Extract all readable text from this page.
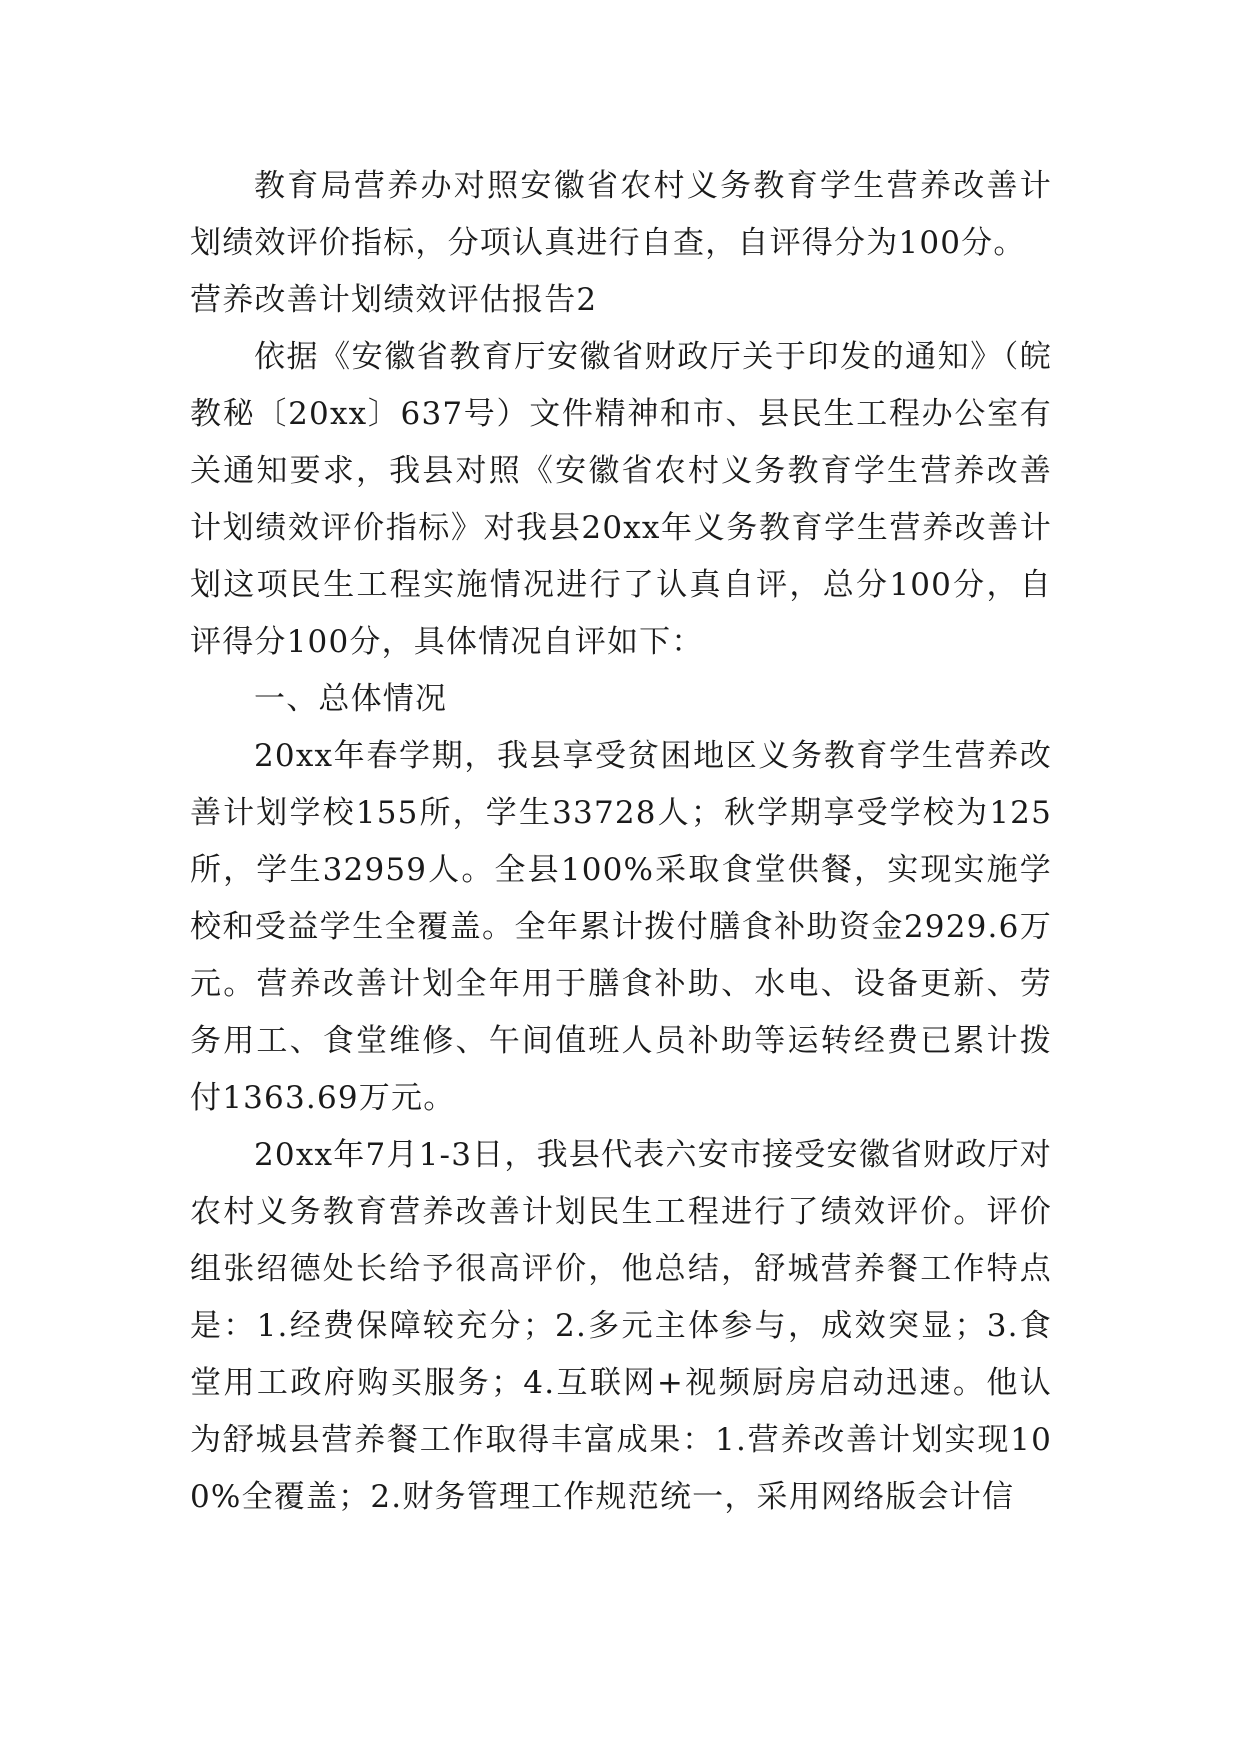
教育局营养办对照安徽省农村义务教育学生营养改善计划绩效评价指标，分项认真进行自查，自评得分为100分。

营养改善计划绩效评估报告2

依据《安徽省教育厅安徽省财政厅关于印发的通知》（皖教秘〔20xx〕637号）文件精神和市、县民生工程办公室有关通知要求，我县对照《安徽省农村义务教育学生营养改善计划绩效评价指标》对我县20xx年义务教育学生营养改善计划这项民生工程实施情况进行了认真自评，总分100分，自评得分100分，具体情况自评如下：

一、总体情况

20xx年春学期，我县享受贫困地区义务教育学生营养改善计划学校155所，学生33728人；秋学期享受学校为125所，学生32959人。全县100%采取食堂供餐，实现实施学校和受益学生全覆盖。全年累计拨付膳食补助资金2929.6万元。营养改善计划全年用于膳食补助、水电、设备更新、劳务用工、食堂维修、午间值班人员补助等运转经费已累计拨付1363.69万元。

20xx年7月1-3日，我县代表六安市接受安徽省财政厅对农村义务教育营养改善计划民生工程进行了绩效评价。评价组张绍德处长给予很高评价，他总结，舒城营养餐工作特点是：1.经费保障较充分；2.多元主体参与，成效突显；3.食堂用工政府购买服务；4.互联网+视频厨房启动迅速。他认为舒城县营养餐工作取得丰富成果：1.营养改善计划实现100%全覆盖；2.财务管理工作规范统一，采用网络版会计信
